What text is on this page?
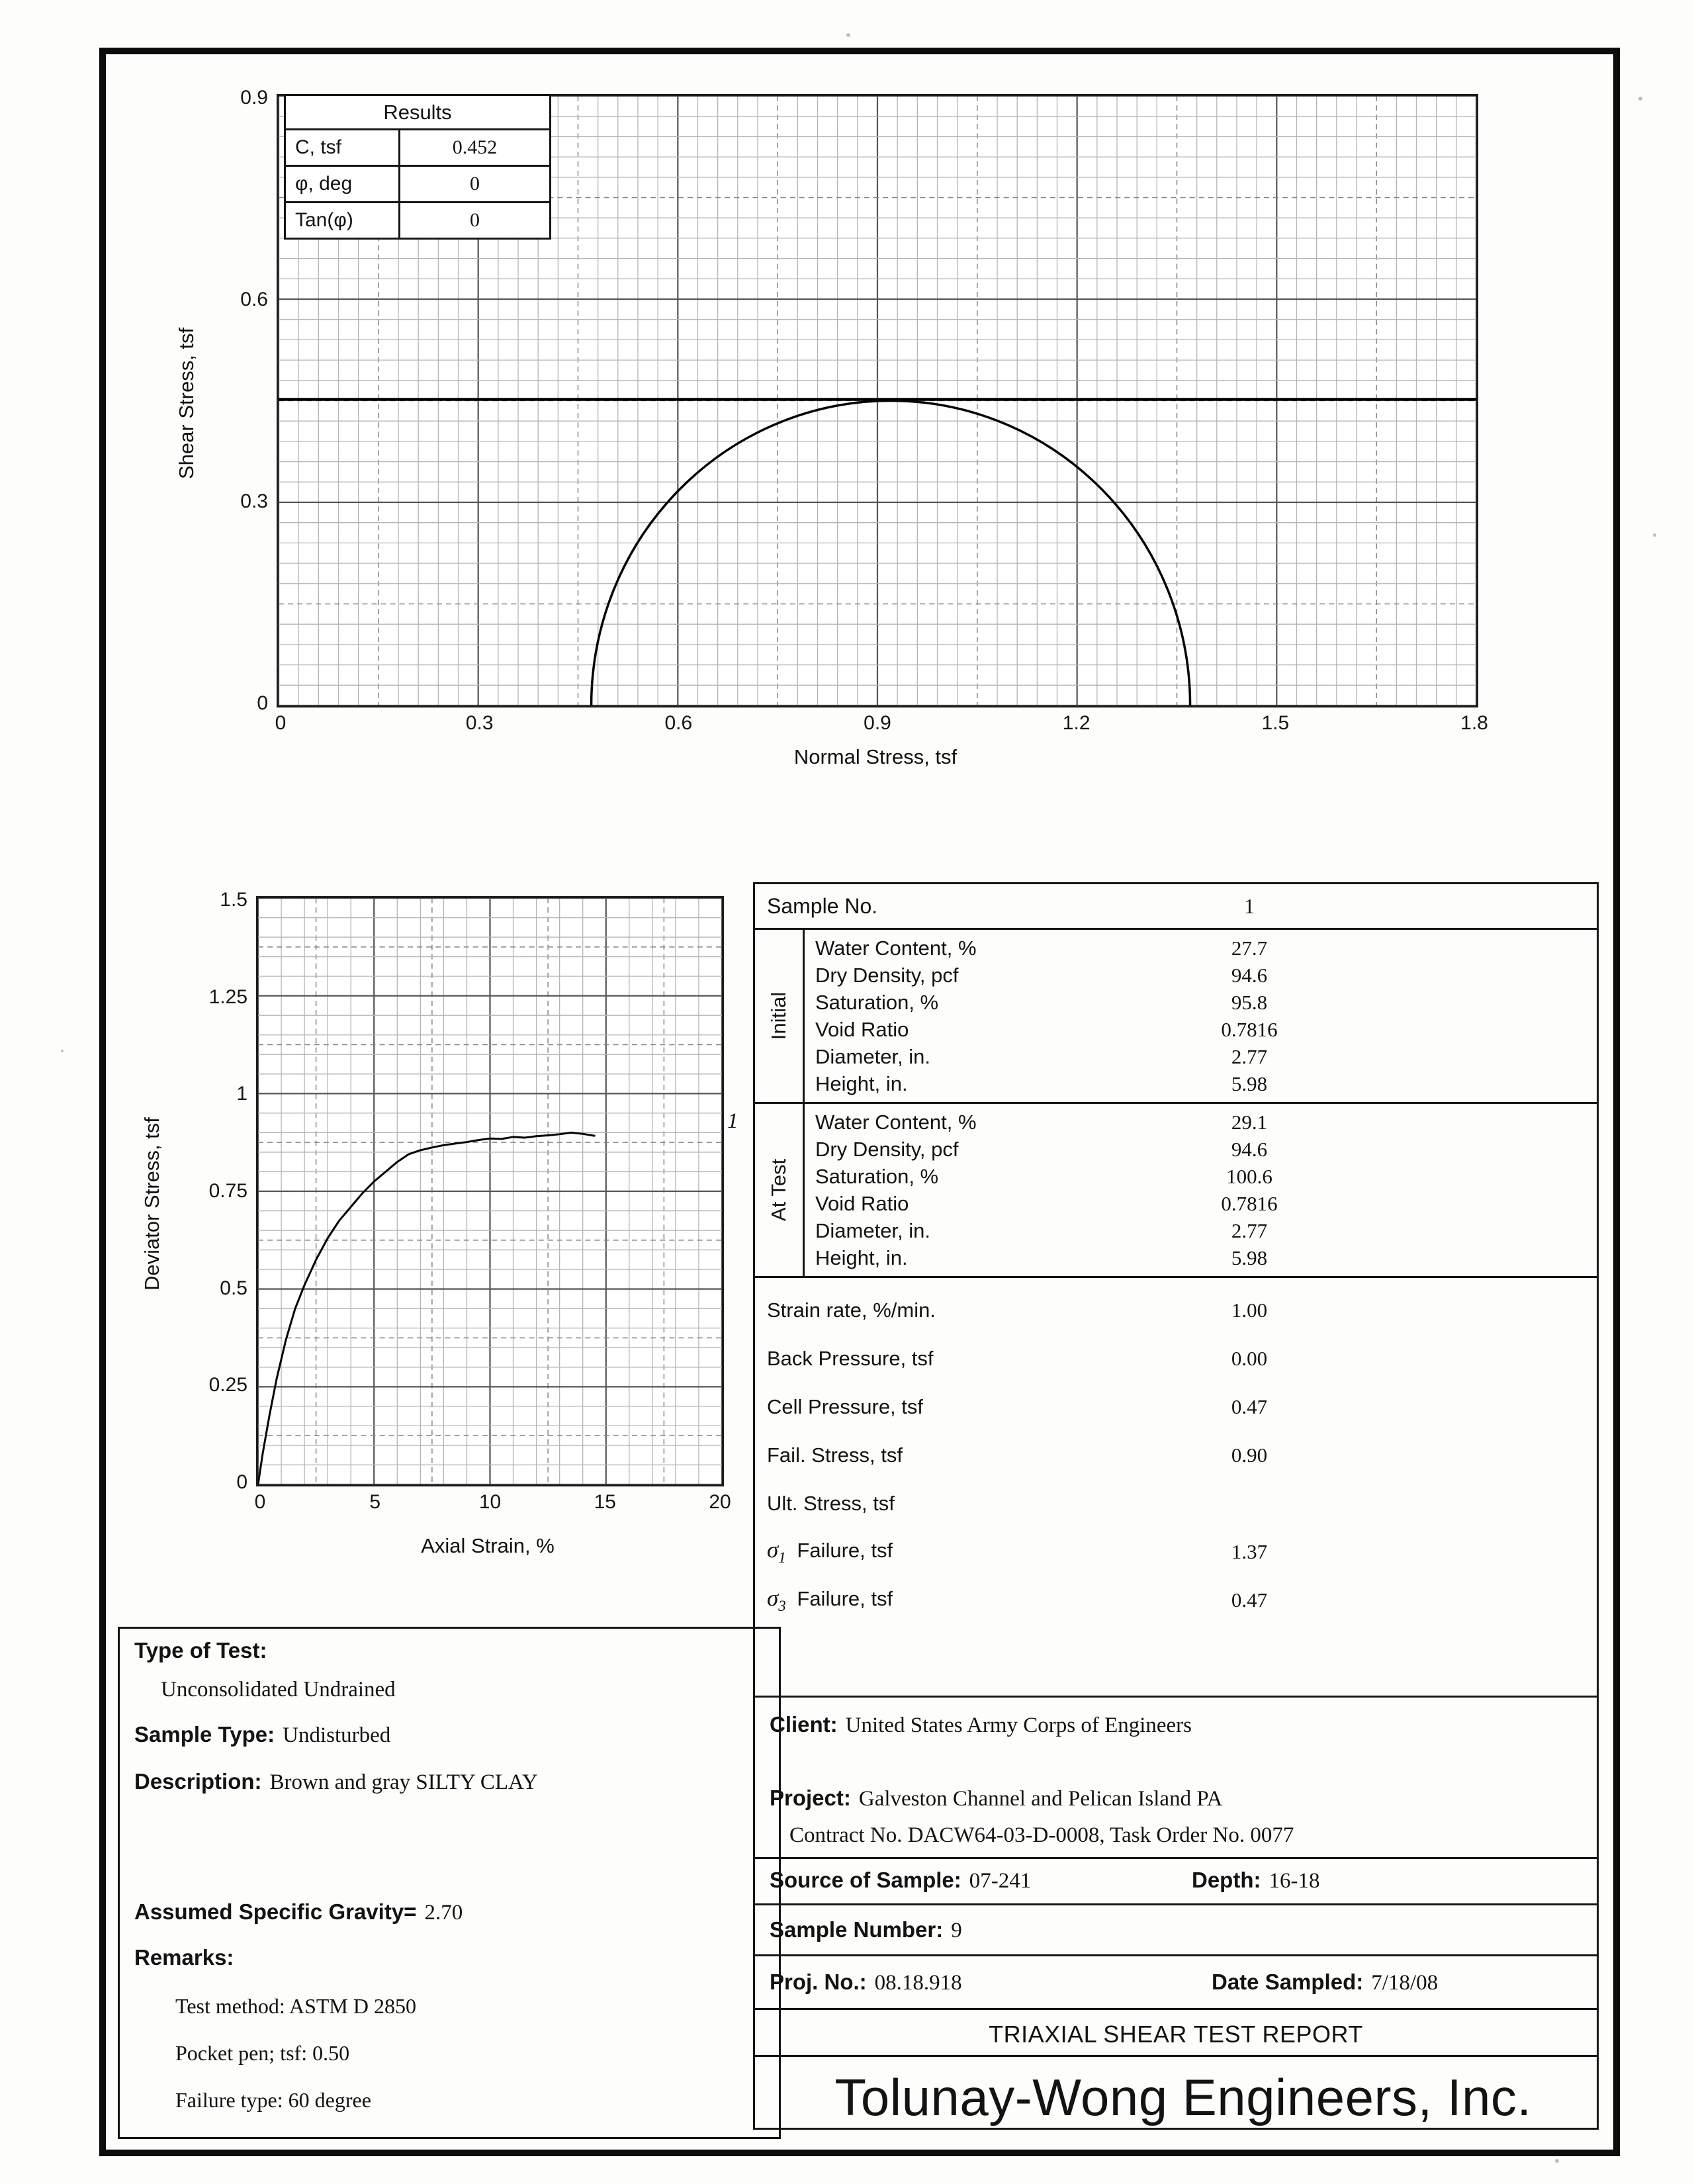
Shear Stress, tsf
Normal Stress, tsf
0	0.3	0.6	0.9	1.2	1.5	1.8
0
0.3
0.6
0.9
Results
C, tsf	0.452
φ, deg	0
Tan(φ)	0
Deviator Stress, tsf
Axial Strain, %
0	5	10	15	20
0
0.25
0.5
0.75
1
1.25
1.5
1
Sample No.	1
Initial
Water Content, %	27.7
Dry Density, pcf	94.6
Saturation, %	95.8
Void Ratio	0.7816
Diameter, in.	2.77
Height, in.	5.98
At Test
Water Content, %	29.1
Dry Density, pcf	94.6
Saturation, %	100.6
Void Ratio	0.7816
Diameter, in.	2.77
Height, in.	5.98
Strain rate, %/min.	1.00
Back Pressure, tsf	0.00
Cell Pressure, tsf	0.47
Fail. Stress, tsf	0.90
Ult. Stress, tsf
$\sigma_1$ Failure, tsf	1.37
$\sigma_3$ Failure, tsf	0.47
Type of Test:
Unconsolidated Undrained
Sample Type: Undisturbed
Description: Brown and gray SILTY CLAY
Assumed Specific Gravity= 2.70
Remarks:
Test method: ASTM D 2850
Pocket pen; tsf: 0.50
Failure type: 60 degree
Client: United States Army Corps of Engineers
Project: Galveston Channel and Pelican Island PA
Contract No. DACW64-03-D-0008, Task Order No. 0077
Source of Sample: 07-241	Depth: 16-18
Sample Number: 9
Proj. No.: 08.18.918	Date Sampled: 7/18/08
TRIAXIAL SHEAR TEST REPORT
Tolunay-Wong Engineers, Inc.
